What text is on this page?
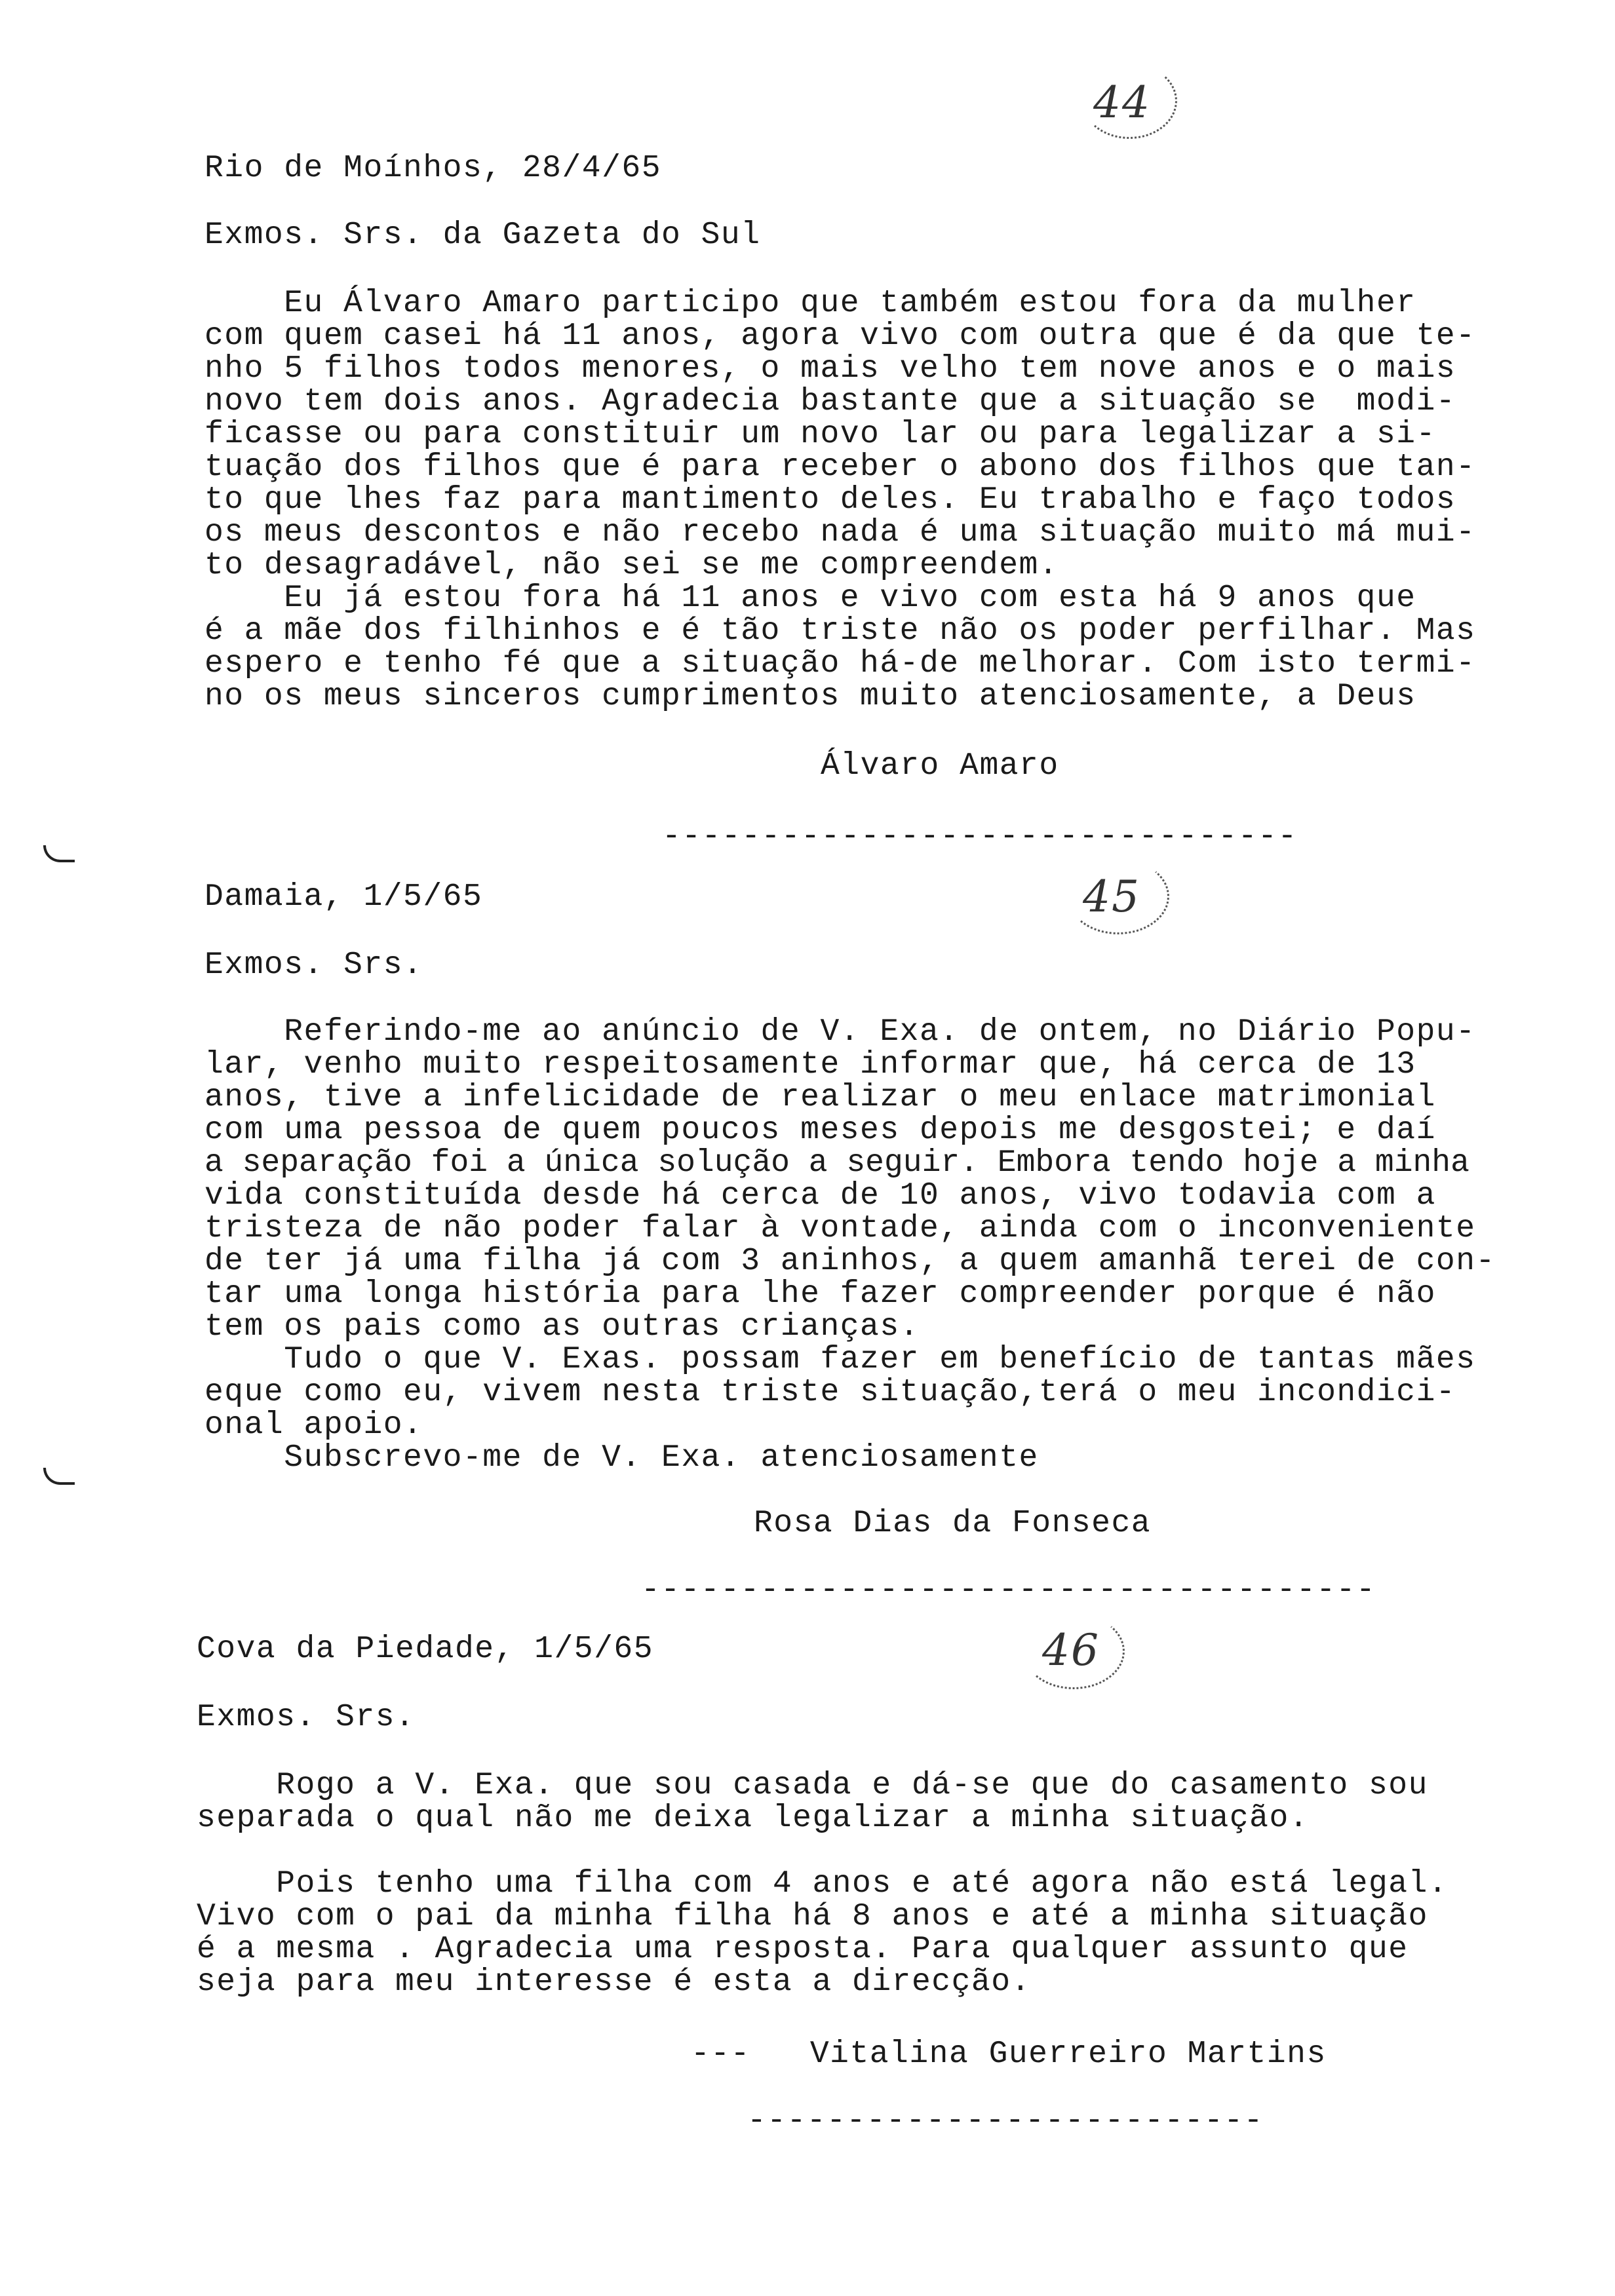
44
Rio de Moínhos, 28/4/65
Exmos. Srs. da Gazeta do Sul
Eu Álvaro Amaro participo que também estou fora da mulher
com quem casei há 11 anos, agora vivo com outra que é da que te-
nho 5 filhos todos menores, o mais velho tem nove anos e o mais
novo tem dois anos. Agradecia bastante que a situação se  modi-
ficasse ou para constituir um novo lar ou para legalizar a si-
tuação dos filhos que é para receber o abono dos filhos que tan-
to que lhes faz para mantimento deles. Eu trabalho e faço todos
os meus descontos e não recebo nada é uma situação muito má mui-
to desagradável, não sei se me compreendem.
Eu já estou fora há 11 anos e vivo com esta há 9 anos que
é a mãe dos filhinhos e é tão triste não os poder perfilhar. Mas
espero e tenho fé que a situação há-de melhorar. Com isto termi-
no os meus sinceros cumprimentos muito atenciosamente, a Deus
Álvaro Amaro
--------------------------------
45
Damaia, 1/5/65
Exmos. Srs.
Referindo-me ao anúncio de V. Exa. de ontem, no Diário Popu-
lar, venho muito respeitosamente informar que, há cerca de 13
anos, tive a infelicidade de realizar o meu enlace matrimonial
com uma pessoa de quem poucos meses depois me desgostei; e daí
a separação foi a única solução a seguir. Embora tendo hoje a minha
vida constituída desde há cerca de 10 anos, vivo todavia com a
tristeza de não poder falar à vontade, ainda com o inconveniente
de ter já uma filha já com 3 aninhos, a quem amanhã terei de con-
tar uma longa história para lhe fazer compreender porque é não
tem os pais como as outras crianças.
Tudo o que V. Exas. possam fazer em benefício de tantas mães
eque como eu, vivem nesta triste situação,terá o meu incondici-
onal apoio.
Subscrevo-me de V. Exa. atenciosamente
Rosa Dias da Fonseca
-------------------------------------
46
Cova da Piedade, 1/5/65
Exmos. Srs.
Rogo a V. Exa. que sou casada e dá-se que do casamento sou
separada o qual não me deixa legalizar a minha situação.
Pois tenho uma filha com 4 anos e até agora não está legal.
Vivo com o pai da minha filha há 8 anos e até a minha situação
é a mesma . Agradecia uma resposta. Para qualquer assunto que
seja para meu interesse é esta a direcção.
---   Vitalina Guerreiro Martins
--------------------------
